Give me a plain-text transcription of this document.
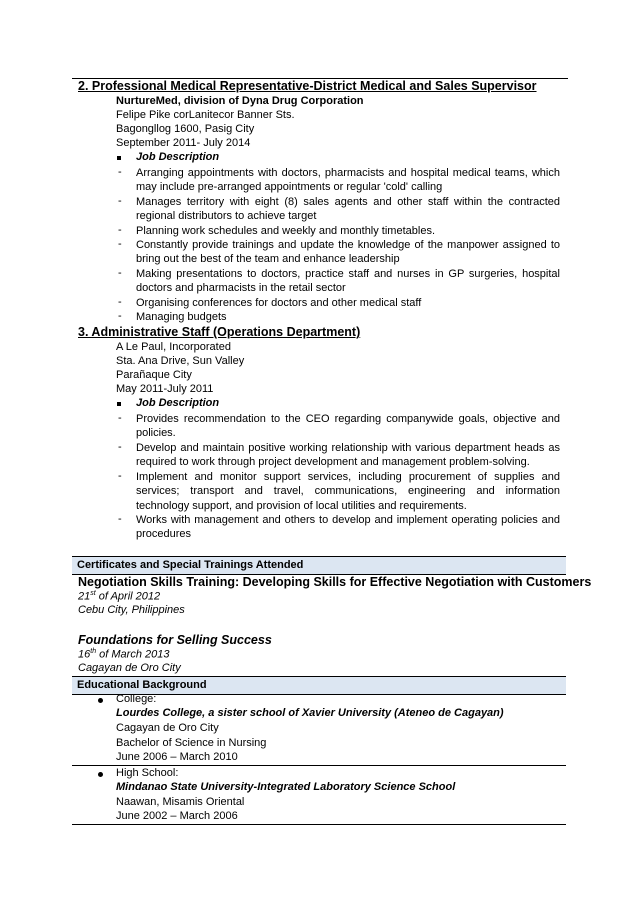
2. Professional Medical Representative-District Medical and Sales Supervisor
NurtureMed, division of Dyna Drug Corporation
Felipe Pike corLanitecor Banner Sts.
Bagongllog 1600, Pasig City
September 2011- July 2014
Job Description
- Arranging appointments with doctors, pharmacists and hospital medical teams, which may include pre-arranged appointments or regular 'cold' calling
- Manages territory with eight (8) sales agents and other staff within the contracted regional distributors to achieve target
- Planning work schedules and weekly and monthly timetables.
- Constantly provide trainings and update the knowledge of the manpower assigned to bring out the best of the team and enhance leadership
- Making presentations to doctors, practice staff and nurses in GP surgeries, hospital doctors and pharmacists in the retail sector
- Organising conferences for doctors and other medical staff
- Managing budgets
3. Administrative Staff (Operations Department)
A Le Paul, Incorporated
Sta. Ana Drive, Sun Valley
Parañaque City
May 2011-July 2011
Job Description
- Provides recommendation to the CEO regarding companywide goals, objective and policies.
- Develop and maintain positive working relationship with various department heads as required to work through project development and management problem-solving.
- Implement and monitor support services, including procurement of supplies and services; transport and travel, communications, engineering and information technology support, and provision of local utilities and requirements.
- Works with management and others to develop and implement operating policies and procedures
Certificates and Special Trainings Attended
Negotiation Skills Training: Developing Skills for Effective Negotiation with Customers
21st of April 2012
Cebu City, Philippines
Foundations for Selling Success
16th of March 2013
Cagayan de Oro City
Educational Background
College:
Lourdes College, a sister school of Xavier University (Ateneo de Cagayan)
Cagayan de Oro City
Bachelor of Science in Nursing
June 2006 – March 2010
High School:
Mindanao State University-Integrated Laboratory Science School
Naawan, Misamis Oriental
June 2002 – March 2006
